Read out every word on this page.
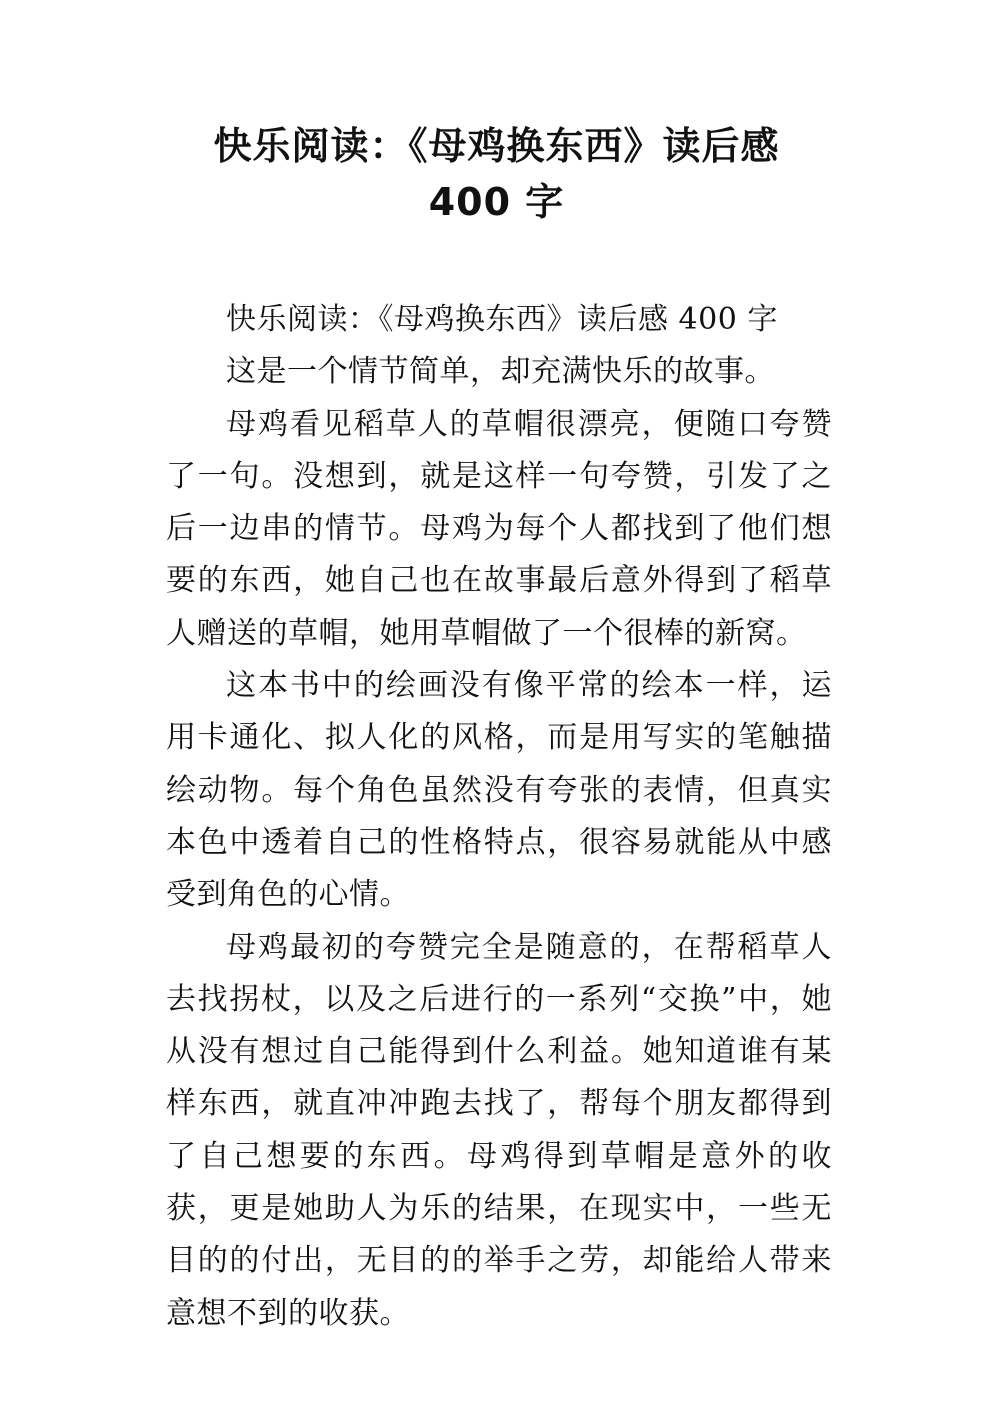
快乐阅读：《母鸡换东西》读后感
400 字

快乐阅读：《母鸡换东西》读后感 400 字

这是一个情节简单，却充满快乐的故事。

母鸡看见稻草人的草帽很漂亮，便随口夸赞了一句。没想到，就是这样一句夸赞，引发了之后一边串的情节。母鸡为每个人都找到了他们想要的东西，她自己也在故事最后意外得到了稻草人赠送的草帽，她用草帽做了一个很棒的新窝。

这本书中的绘画没有像平常的绘本一样，运用卡通化、拟人化的风格，而是用写实的笔触描绘动物。每个角色虽然没有夸张的表情，但真实本色中透着自己的性格特点，很容易就能从中感受到角色的心情。

母鸡最初的夸赞完全是随意的，在帮稻草人去找拐杖，以及之后进行的一系列“交换”中，她从没有想过自己能得到什么利益。她知道谁有某样东西，就直冲冲跑去找了，帮每个朋友都得到了自己想要的东西。母鸡得到草帽是意外的收获，更是她助人为乐的结果，在现实中，一些无目的的付出，无目的的举手之劳，却能给人带来意想不到的收获。
